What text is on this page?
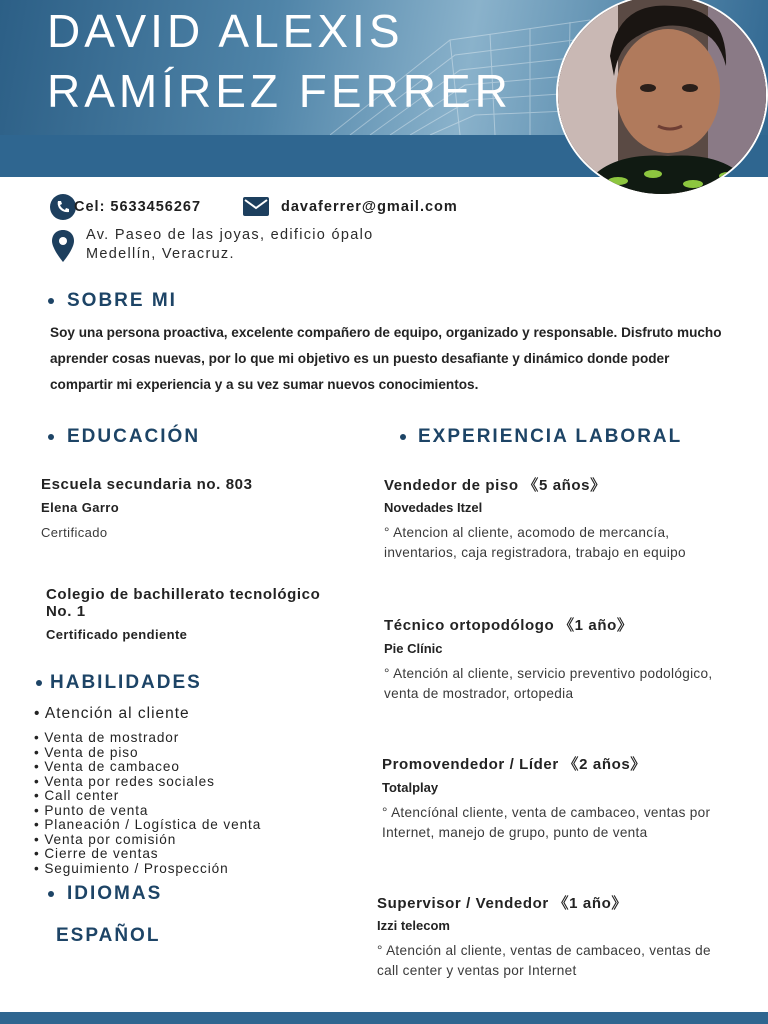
DAVID ALEXIS
RAMÍREZ FERRER
Cel: 5633456267	davaferrer@gmail.com
Av. Paseo de las joyas, edificio ópalo
Medellín, Veracruz.
SOBRE MI
Soy una persona proactiva, excelente compañero de equipo, organizado y responsable. Disfruto mucho aprender cosas nuevas, por lo que mi objetivo es un puesto desafiante y dinámico donde poder compartir mi experiencia y a su vez sumar nuevos conocimientos.
EDUCACIÓN
Escuela secundaria no. 803
Elena Garro
Certificado
Colegio de bachillerato tecnológico
No. 1
Certificado pendiente
HABILIDADES
• Atención al cliente
• Venta de mostrador
• Venta de piso
• Venta de cambaceo
• Venta por redes sociales
• Call center
• Punto de venta
• Planeación / Logística de venta
• Venta por comisión
• Cierre de ventas
• Seguimiento / Prospección
IDIOMAS
ESPAÑOL
EXPERIENCIA LABORAL
Vendedor de piso 《5 años》
Novedades Itzel
° Atencion al cliente, acomodo de mercancía,
inventarios, caja registradora, trabajo en equipo
Técnico ortopodólogo 《1 año》
Pie Clínic
° Atención al cliente, servicio preventivo podológico,
venta de mostrador, ortopedia
Promovendedor / Líder 《2 años》
Totalplay
° Atencíónal cliente, venta de cambaceo, ventas por
Internet, manejo de grupo, punto de venta
Supervisor / Vendedor 《1 año》
Izzi telecom
° Atención al cliente, ventas de cambaceo, ventas de
call center y ventas por Internet
